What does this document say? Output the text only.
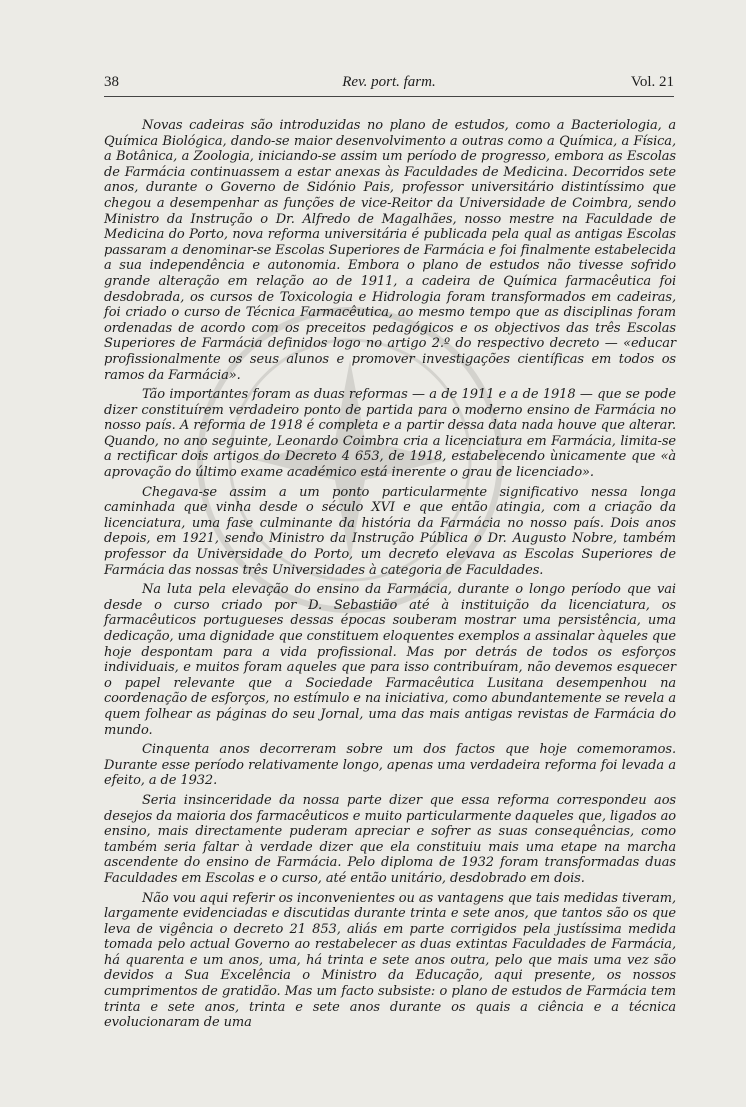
38	Rev. port. farm.	Vol. 21

Novas cadeiras são introduzidas no plano de estudos, como a Bacteriologia, a Química Biológica, dando-se maior desenvolvimento a outras como a Química, a Física, a Botânica, a Zoologia, iniciando-se assim um período de progresso, embora as Escolas de Farmácia continuassem a estar anexas às Faculdades de Medicina. Decorridos sete anos, durante o Governo de Sidónio Pais, professor universitário distintíssimo que chegou a desempenhar as funções de vice-Reitor da Universidade de Coimbra, sendo Ministro da Instrução o Dr. Alfredo de Magalhães, nosso mestre na Faculdade de Medicina do Porto, nova reforma universitária é publicada pela qual as antigas Escolas passaram a denominar-se Escolas Superiores de Farmácia e foi finalmente estabelecida a sua independência e autonomia. Embora o plano de estudos não tivesse sofrido grande alteração em relação ao de 1911, a cadeira de Química farmacêutica foi desdobrada, os cursos de Toxicologia e Hidrologia foram transformados em cadeiras, foi criado o curso de Técnica Farmacêutica, ao mesmo tempo que as disciplinas foram ordenadas de acordo com os preceitos pedagógicos e os objectivos das três Escolas Superiores de Farmácia definidos logo no artigo 2.º do respectivo decreto — «educar profissionalmente os seus alunos e promover investigações científicas em todos os ramos da Farmácia».

Tão importantes foram as duas reformas — a de 1911 e a de 1918 — que se pode dizer constituírem verdadeiro ponto de partida para o moderno ensino de Farmácia no nosso país. A reforma de 1918 é completa e a partir dessa data nada houve que alterar. Quando, no ano seguinte, Leonardo Coimbra cria a licenciatura em Farmácia, limita-se a rectificar dois artigos do Decreto 4 653, de 1918, estabelecendo ùnicamente que «à aprovação do último exame académico está inerente o grau de licenciado».

Chegava-se assim a um ponto particularmente significativo nessa longa caminhada que vinha desde o século XVI e que então atingia, com a criação da licenciatura, uma fase culminante da história da Farmácia no nosso país. Dois anos depois, em 1921, sendo Ministro da Instrução Pública o Dr. Augusto Nobre, também professor da Universidade do Porto, um decreto elevava as Escolas Superiores de Farmácia das nossas três Universidades à categoria de Faculdades.

Na luta pela elevação do ensino da Farmácia, durante o longo período que vai desde o curso criado por D. Sebastião até à instituição da licenciatura, os farmacêuticos portugueses dessas épocas souberam mostrar uma persistência, uma dedicação, uma dignidade que constituem eloquentes exemplos a assinalar àqueles que hoje despontam para a vida profissional. Mas por detrás de todos os esforços individuais, e muitos foram aqueles que para isso contribuíram, não devemos esquecer o papel relevante que a Sociedade Farmacêutica Lusitana desempenhou na coordenação de esforços, no estímulo e na iniciativa, como abundantemente se revela a quem folhear as páginas do seu Jornal, uma das mais antigas revistas de Farmácia do mundo.

Cinquenta anos decorreram sobre um dos factos que hoje comemoramos. Durante esse período relativamente longo, apenas uma verdadeira reforma foi levada a efeito, a de 1932.

Seria insinceridade da nossa parte dizer que essa reforma correspondeu aos desejos da maioria dos farmacêuticos e muito particularmente daqueles que, ligados ao ensino, mais directamente puderam apreciar e sofrer as suas consequências, como também seria faltar à verdade dizer que ela constituiu mais uma etape na marcha ascendente do ensino de Farmácia. Pelo diploma de 1932 foram transformadas duas Faculdades em Escolas e o curso, até então unitário, desdobrado em dois.

Não vou aqui referir os inconvenientes ou as vantagens que tais medidas tiveram, largamente evidenciadas e discutidas durante trinta e sete anos, que tantos são os que leva de vigência o decreto 21 853, aliás em parte corrigidos pela justíssima medida tomada pelo actual Governo ao restabelecer as duas extintas Faculdades de Farmácia, há quarenta e um anos, uma, há trinta e sete anos outra, pelo que mais uma vez são devidos a Sua Excelência o Ministro da Educação, aqui presente, os nossos cumprimentos de gratidão. Mas um facto subsiste: o plano de estudos de Farmácia tem trinta e sete anos, trinta e sete anos durante os quais a ciência e a técnica evolucionaram de uma
